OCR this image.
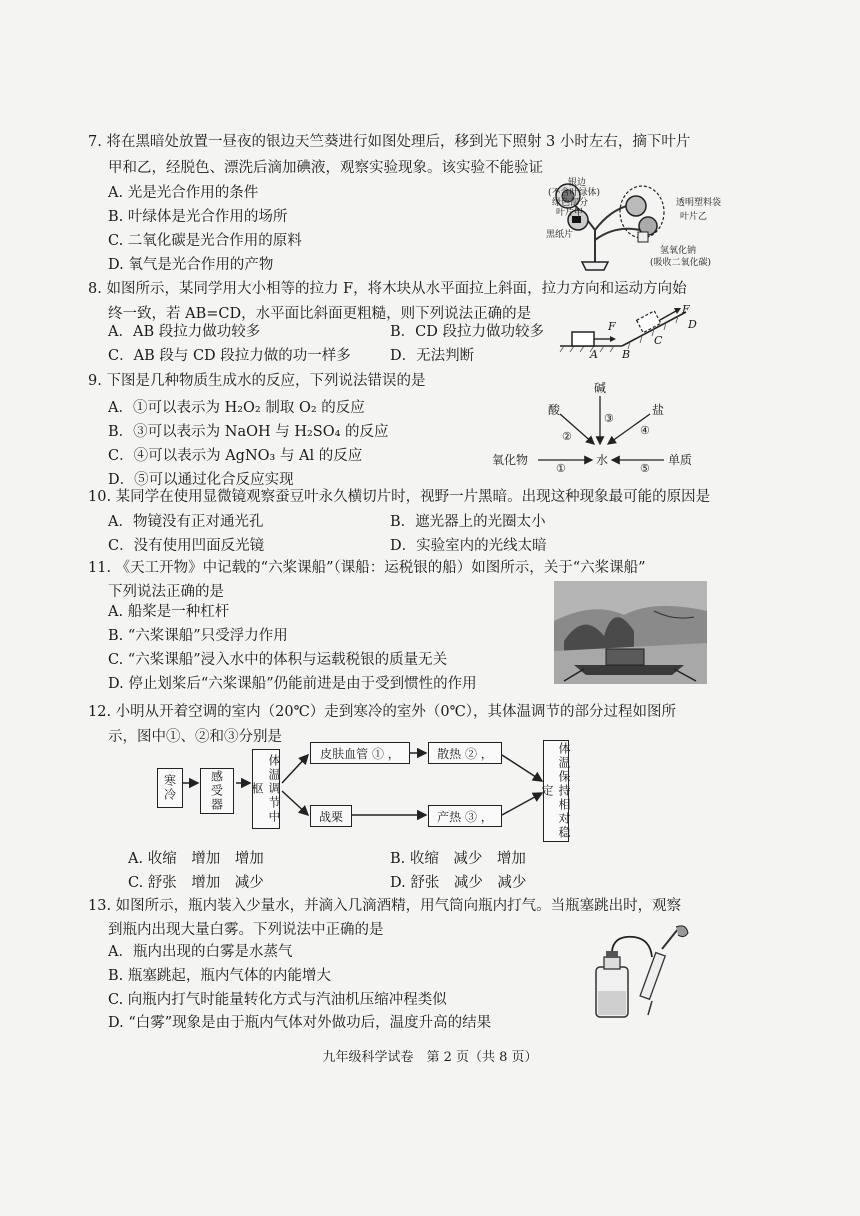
7. 将在黑暗处放置一昼夜的银边天竺葵进行如图处理后，移到光下照射 3 小时左右，摘下叶片
甲和乙，经脱色、漂洗后滴加碘液，观察实验现象。该实验不能验证
A. 光是光合作用的条件
B. 叶绿体是光合作用的场所
C. 二氧化碳是光合作用的原料
D. 氧气是光合作用的产物
银边
(不含叶绿体)
绿色部分
叶片甲
黑纸片
透明塑料袋
叶片乙
氢氧化钠
(吸收二氧化碳)
8. 如图所示，某同学用大小相等的拉力 F，将木块从水平面拉上斜面，拉力方向和运动方向始
终一致，若 AB=CD，水平面比斜面更粗糙，则下列说法正确的是
A．AB 段拉力做功较多	B．CD 段拉力做功较多
C．AB 段与 CD 段拉力做的功一样多	D．无法判断
F
F
A B
C
D
9. 下图是几种物质生成水的反应，下列说法错误的是
A．①可以表示为 H₂O₂ 制取 O₂ 的反应
B．③可以表示为 NaOH 与 H₂SO₄ 的反应
C．④可以表示为 AgNO₃ 与 Al 的反应
D．⑤可以通过化合反应实现
碱
酸	盐
氧化物	水	单质
①
②
③
④
⑤
10. 某同学在使用显微镜观察蚕豆叶永久横切片时，视野一片黑暗。出现这种现象最可能的原因是
A．物镜没有正对通光孔	B．遮光器上的光圈太小
C．没有使用凹面反光镜	D．实验室内的光线太暗
11. 《天工开物》中记载的“六桨课船”（课船：运税银的船）如图所示，关于“六桨课船”
下列说法正确的是
A. 船桨是一种杠杆
B. “六桨课船”只受浮力作用
C. “六桨课船”浸入水中的体积与运载税银的质量无关
D. 停止划桨后“六桨课船”仍能前进是由于受到惯性的作用
12. 小明从开着空调的室内（20℃）走到寒冷的室外（0℃），其体温调节的部分过程如图所
示，图中①、②和③分别是
寒冷	感受器	体温调节中枢
皮肤血管 ① ，	散热 ② ，
战栗	产热 ③ ，	体温保持相对稳定
A. 收缩　增加　增加	B. 收缩　减少　增加
C. 舒张　增加　减少	D. 舒张　减少　减少
13. 如图所示，瓶内装入少量水，并滴入几滴酒精，用气筒向瓶内打气。当瓶塞跳出时，观察
到瓶内出现大量白雾。下列说法中正确的是
A．瓶内出现的白雾是水蒸气
B. 瓶塞跳起，瓶内气体的内能增大
C. 向瓶内打气时能量转化方式与汽油机压缩冲程类似
D. “白雾”现象是由于瓶内气体对外做功后，温度升高的结果
九年级科学试卷　第 2 页（共 8 页）
